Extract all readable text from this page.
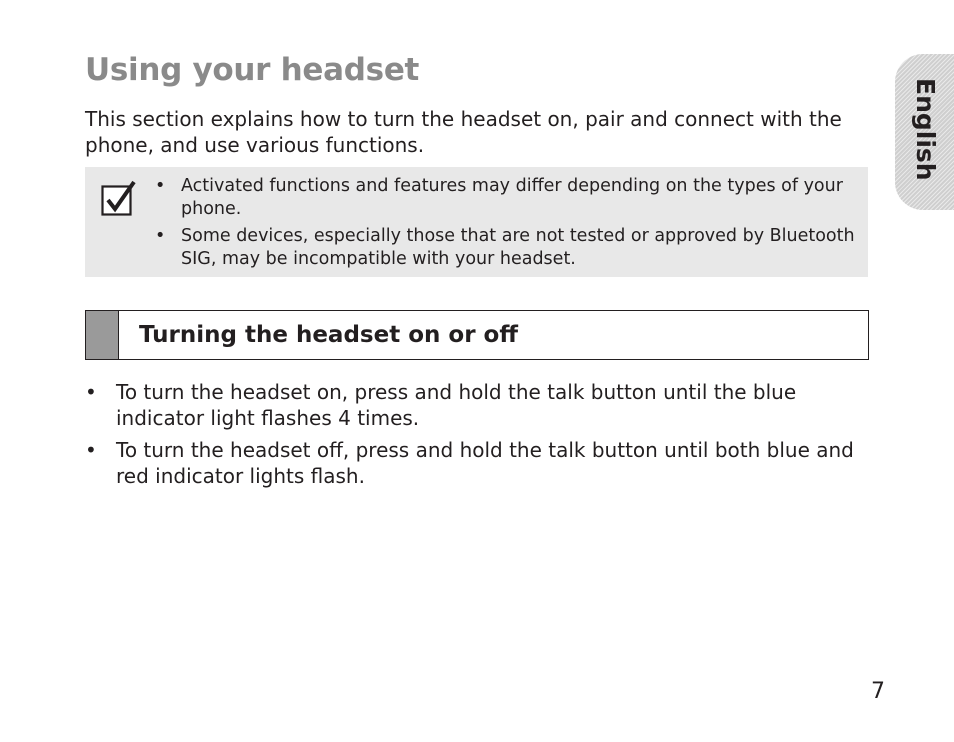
Using your headset

This section explains how to turn the headset on, pair and connect with the phone, and use various functions.

• Activated functions and features may differ depending on the types of your phone.
• Some devices, especially those that are not tested or approved by Bluetooth SIG, may be incompatible with your headset.
Turning the headset on or off
• To turn the headset on, press and hold the talk button until the blue indicator light flashes 4 times.
• To turn the headset off, press and hold the talk button until both blue and red indicator lights flash.
English
7
